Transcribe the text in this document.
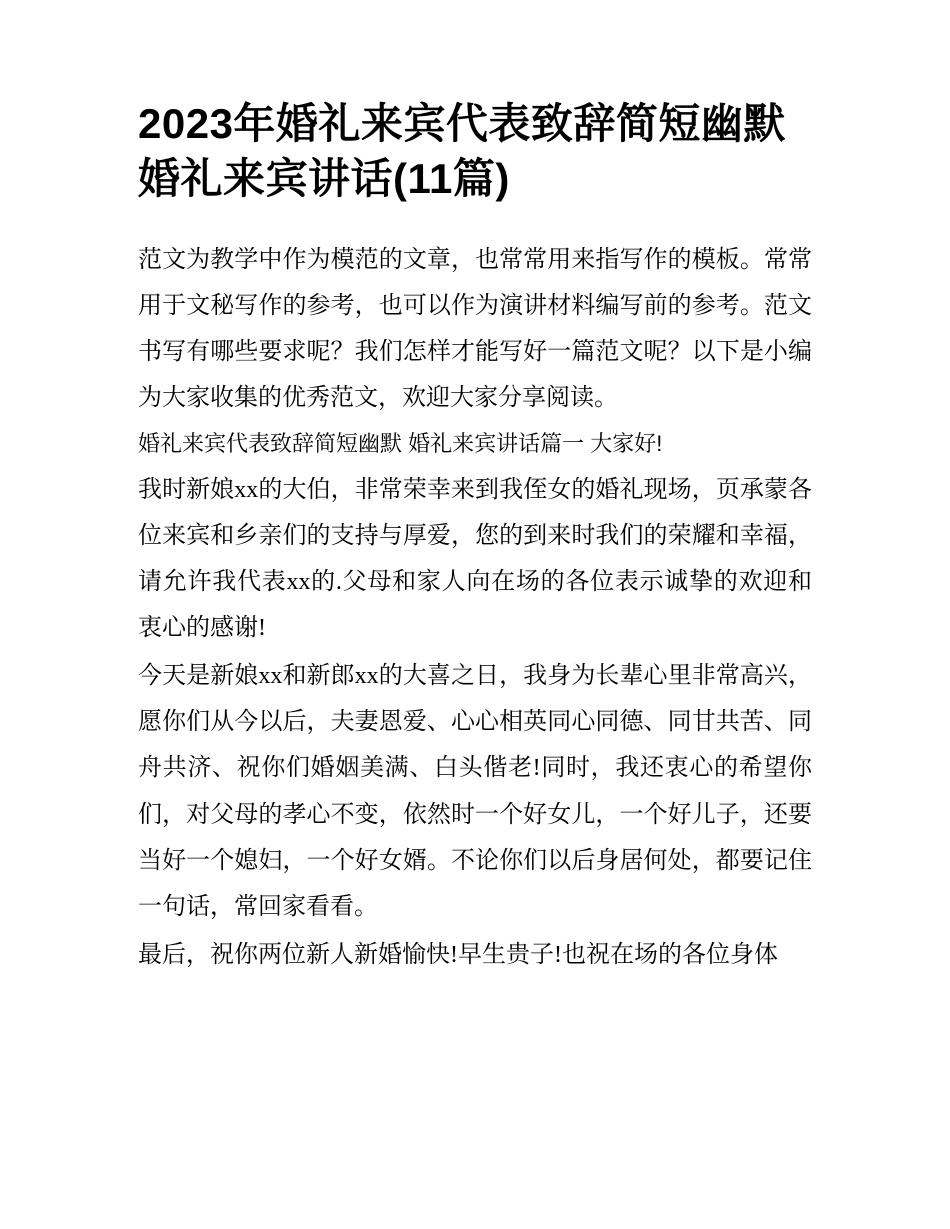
2023年婚礼来宾代表致辞简短幽默 婚礼来宾讲话(11篇)

范文为教学中作为模范的文章，也常常用来指写作的模板。常常用于文秘写作的参考，也可以作为演讲材料编写前的参考。范文书写有哪些要求呢？我们怎样才能写好一篇范文呢？以下是小编为大家收集的优秀范文，欢迎大家分享阅读。

婚礼来宾代表致辞简短幽默 婚礼来宾讲话篇一 大家好!

我时新娘xx的大伯，非常荣幸来到我侄女的婚礼现场，页承蒙各位来宾和乡亲们的支持与厚爱，您的到来时我们的荣耀和幸福，请允许我代表xx的.父母和家人向在场的各位表示诚挚的欢迎和衷心的感谢!

今天是新娘xx和新郎xx的大喜之日，我身为长辈心里非常高兴，愿你们从今以后，夫妻恩爱、心心相英同心同德、同甘共苦、同舟共济、祝你们婚姻美满、白头偕老!同时，我还衷心的希望你们，对父母的孝心不变，依然时一个好女儿，一个好儿子，还要当好一个媳妇，一个好女婿。不论你们以后身居何处，都要记住一句话，常回家看看。

最后，祝你两位新人新婚愉快!早生贵子!也祝在场的各位身体
